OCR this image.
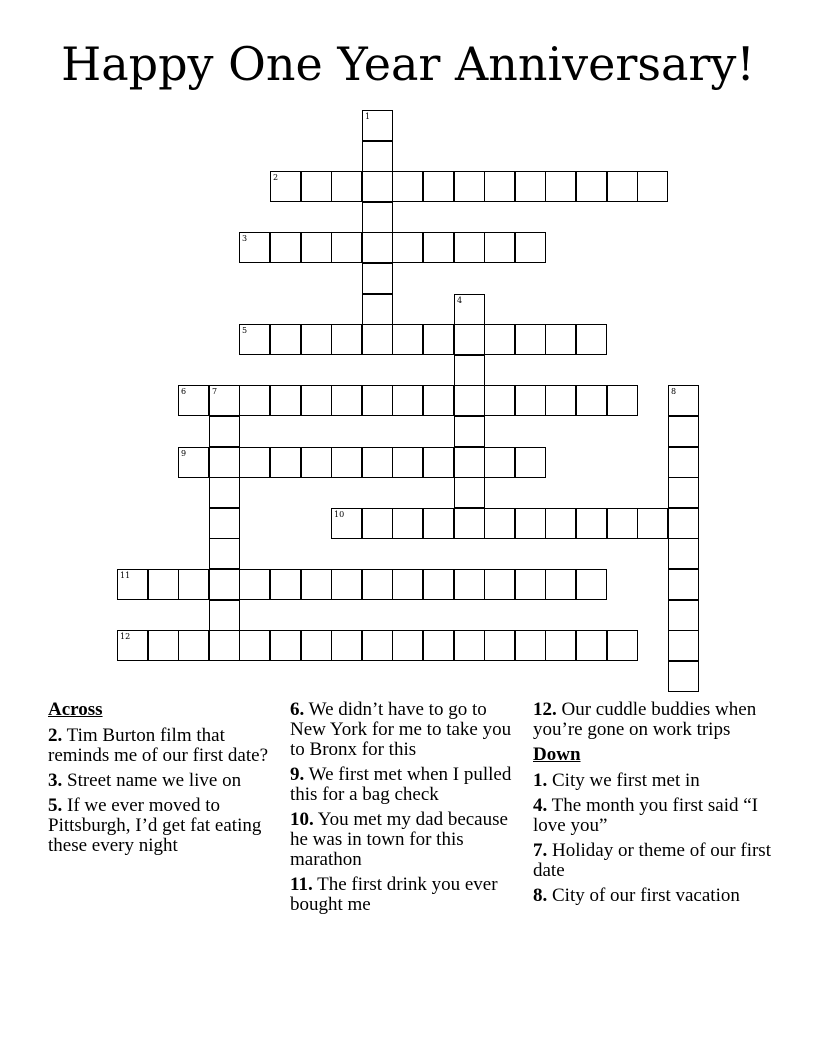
Happy One Year Anniversary!
2
3
5
6	7
9
10
11
12
1
4
8
Across
2. Tim Burton film that reminds me of our first date?
3. Street name we live on
5. If we ever moved to Pittsburgh, I’d get fat eating these every night
6. We didn’t have to go to New York for me to take you to Bronx for this
9. We first met when I pulled this for a bag check
10. You met my dad because he was in town for this marathon
11. The first drink you ever bought me
12. Our cuddle buddies when you’re gone on work trips
Down
1. City we first met in
4. The month you first said “I love you”
7. Holiday or theme of our first date
8. City of our first vacation
